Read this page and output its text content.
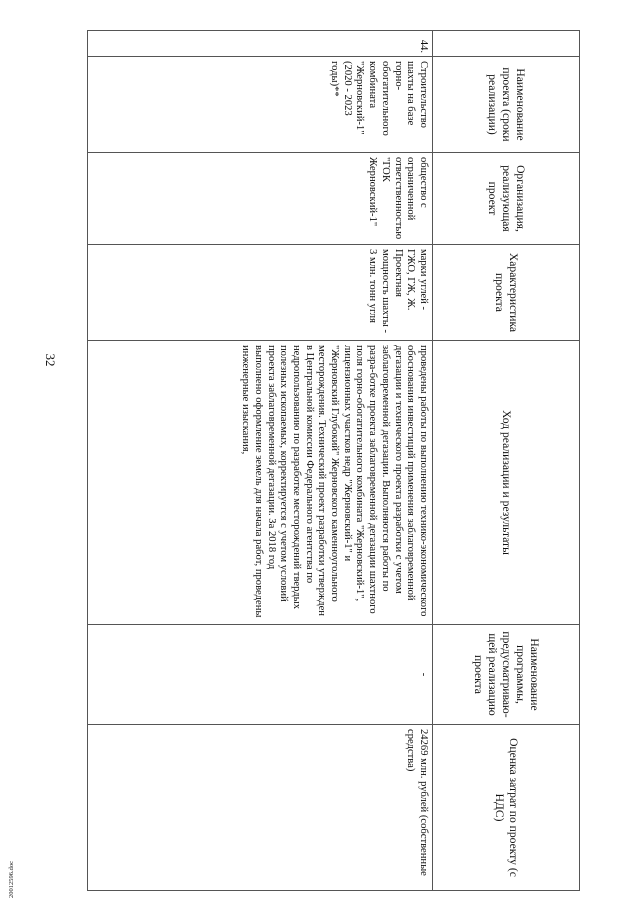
32
	Наименование проекта (сроки реализации)	Организация, реализующая проект	Характеристика проекта	Ход реализации и результаты	Наименование программы, предусматриваю-щей реализацию проекта	Оценка затрат по проекту (с НДС)
44.	Строительство шахты на базе горно-обогатительного комбината "Жерновский-1" (2020 - 2023 годы)**	общество с ограниченной ответственностью "ГОК Жерновский-1"	марки углей - ГЖО, ГЖ, Ж. Проектная мощность шахты - 3 млн. тонн угля	проведены работы по выполнению технико-экономического обоснования инвестиций применения заблаговременной дегазации и технического проекта разработки с учетом заблаговременной дегазации. Выполняются работы по разра-ботке проекта заблаговременной дегазации шахтного поля горно-обогатительного комбината "Жерновский-1", лицензионных участков недр "Жерновский-1" и "Жерновский Глубокий" Жерновского каменноугольного месторождения. Технический проект разработки утвержден в Центральной комиссии Федерального агентства по недропользованию по разработке месторождений твердых полезных ископаемых, корректируется с учетом условий проекта заблаговременной дегазации. За 2018 год выполнено оформление земель для начала работ, проведены инженерные изыскания,	-	24269 млн. рублей (собственные средства)
20012596.doc
